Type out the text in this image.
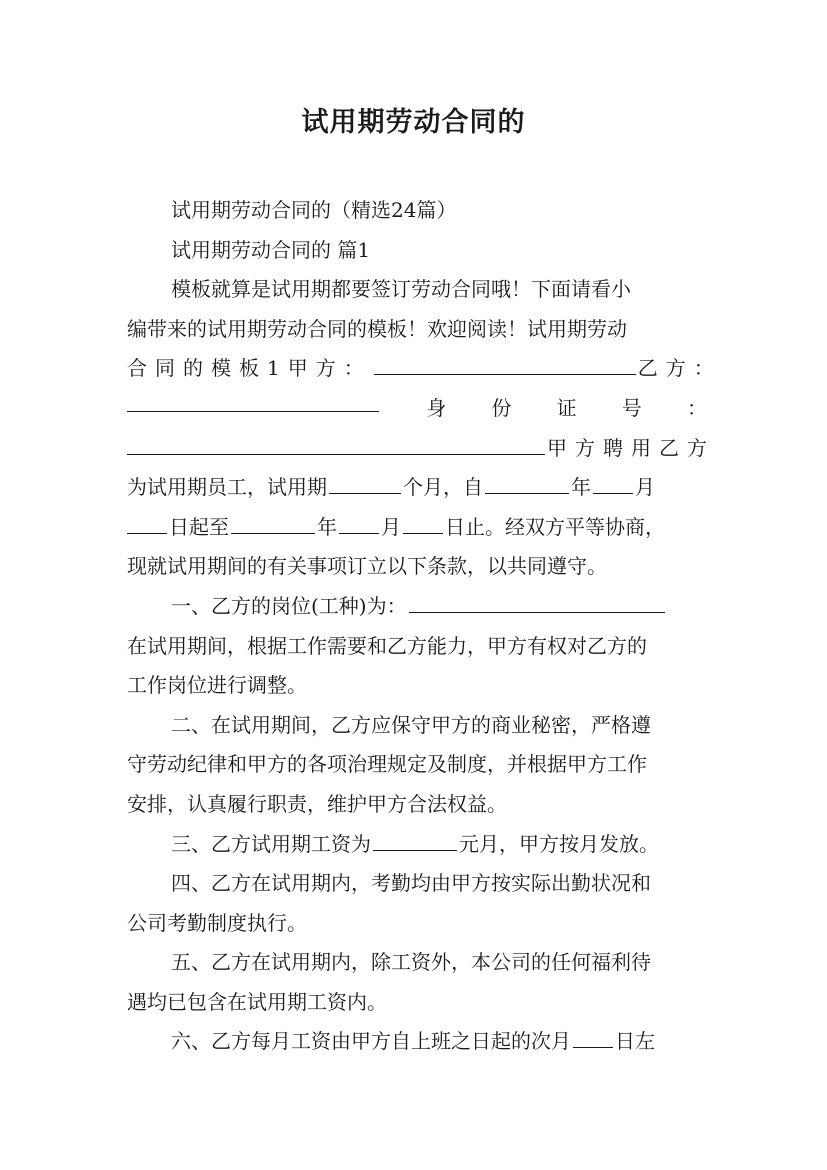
试用期劳动合同的
试用期劳动合同的（精选24篇）
试用期劳动合同的 篇1
模板就算是试用期都要签订劳动合同哦！下面请看小
编带来的试用期劳动合同的模板！欢迎阅读！试用期劳动
合同的模板1甲方：	乙方：
身 份 证 号 ：
甲方聘用乙方
为试用期员工，试用期	个月，自	年 月
日起至	年 月 日止。经双方平等协商，
现就试用期间的有关事项订立以下条款，以共同遵守。
一、乙方的岗位(工种)为：
在试用期间，根据工作需要和乙方能力，甲方有权对乙方的
工作岗位进行调整。
二、在试用期间，乙方应保守甲方的商业秘密，严格遵
守劳动纪律和甲方的各项治理规定及制度，并根据甲方工作
安排，认真履行职责，维护甲方合法权益。
三、乙方试用期工资为	元月，甲方按月发放。
四、乙方在试用期内，考勤均由甲方按实际出勤状况和
公司考勤制度执行。
五、乙方在试用期内，除工资外，本公司的任何福利待
遇均已包含在试用期工资内。
六、乙方每月工资由甲方自上班之日起的次月 日左
